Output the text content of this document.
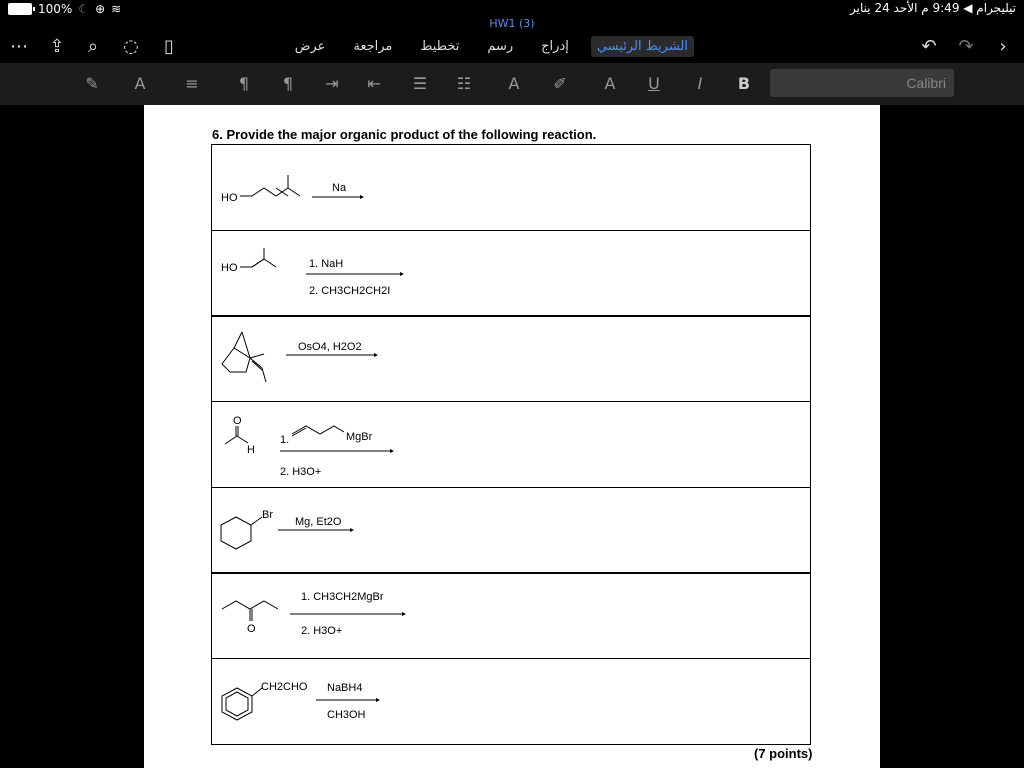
100% ☾ ⊕ ≋	تيليجرام ◀ 9:49 م الأحد 24 يناير
HW1 (3)
⋯ ⇪	⌕	◌	▯	↶ ↷	›
الشريط الرئيسي
إدراج
رسم
تخطيط
مراجعة
عرض
✎	A	≡	¶	¶	⇥	⇤	☰	☷	A	✐	A	U	I	B	Calibri
6. Provide the major organic product of the following reaction.
HO
Na
HO	1. NaH
2. CH3CH2CH2I
OsO4, H2O2
O
H
1.	MgBr
2. H3O+
Br
Mg, Et2O
O
1. CH3CH2MgBr
2. H3O+
CH2CHO NaBH4
CH3OH
(7 points)
